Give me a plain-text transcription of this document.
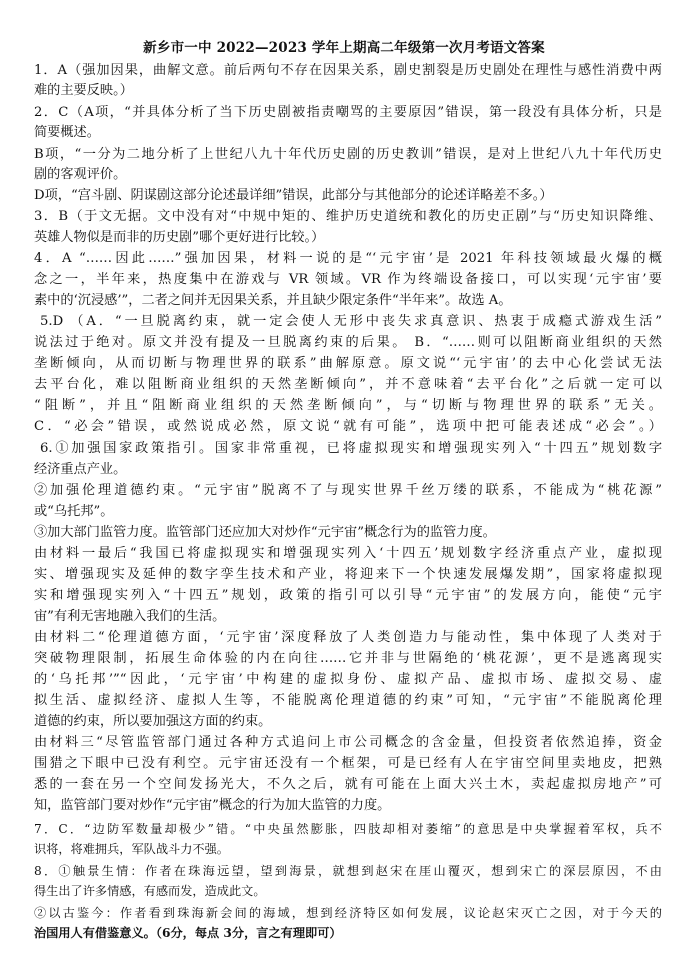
新乡市一中 2022—2023 学年上期高二年级第一次月考语文答案
1．A（强加因果，曲解文意。前后两句不存在因果关系，剧史割裂是历史剧处在理性与感性消费中两
难的主要反映。）
2．C（A项，“并具体分析了当下历史剧被指责嘲骂的主要原因”错误，第一段没有具体分析，只是
简要概述。
B项，“一分为二地分析了上世纪八九十年代历史剧的历史教训”错误，是对上世纪八九十年代历史
剧的客观评价。
D项，“宫斗剧、阴谋剧这部分论述最详细”错误，此部分与其他部分的论述详略差不多。）
3．B（于文无据。文中没有对“中规中矩的、维护历史道统和教化的历史正剧”与“历史知识降维、
英雄人物似是而非的历史剧”哪个更好进行比较。）
4．A “……因此……”强加因果，材料一说的是“‘元宇宙’是 2021 年科技领域最火爆的概
念之一，半年来，热度集中在游戏与 VR 领域。VR 作为终端设备接口，可以实现‘元宇宙’要
素中的‘沉浸感’”，二者之间并无因果关系，并且缺少限定条件“半年来”。故选 A。
5.D （A．“一旦脱离约束，就一定会使人无形中丧失求真意识、热衷于成瘾式游戏生活”
说法过于绝对。原文并没有提及一旦脱离约束的后果。 B．“……则可以阻断商业组织的天然
垄断倾向，从而切断与物理世界的联系”曲解原意。原文说“‘元宇宙’的去中心化尝试无法
去平台化，难以阻断商业组织的天然垄断倾向”，并不意味着“去平台化”之后就一定可以
“阻断”，并且“阻断商业组织的天然垄断倾向”，与“切断与物理世界的联系”无关。
C．“必会”错误，或然说成必然，原文说“就有可能”，选项中把可能表述成“必会”。）
6.①加强国家政策指引。国家非常重视，已将虚拟现实和增强现实列入“十四五”规划数字
经济重点产业。
②加强伦理道德约束。“元宇宙”脱离不了与现实世界千丝万缕的联系，不能成为“桃花源”
或“乌托邦”。
③加大部门监管力度。监管部门还应加大对炒作“元宇宙”概念行为的监管力度。
由材料一最后“我国已将虚拟现实和增强现实列入‘十四五’规划数字经济重点产业，虚拟现
实、增强现实及延伸的数字孪生技术和产业，将迎来下一个快速发展爆发期”，国家将虚拟现
实和增强现实列入“十四五”规划，政策的指引可以引导“元宇宙”的发展方向，能使“元宇
宙”有利无害地融入我们的生活。
由材料二“伦理道德方面，‘元宇宙’深度释放了人类创造力与能动性，集中体现了人类对于
突破物理限制，拓展生命体验的内在向往……它并非与世隔绝的‘桃花源’，更不是逃离现实
的‘乌托邦’”“因此，‘元宇宙’中构建的虚拟身份、虚拟产品、虚拟市场、虚拟交易、虚
拟生活、虚拟经济、虚拟人生等，不能脱离伦理道德的约束”可知，“元宇宙”不能脱离伦理
道德的约束，所以要加强这方面的约束。
由材料三“尽管监管部门通过各种方式追问上市公司概念的含金量，但投资者依然追捧，资金
围猎之下眼中已没有利空。元宇宙还没有一个框架，可是已经有人在宇宙空间里卖地皮，把熟
悉的一套在另一个空间发扬光大，不久之后，就有可能在上面大兴土木，卖起虚拟房地产”可
知，监管部门要对炒作“元宇宙”概念的行为加大监管的力度。
7．C．“边防军数量却极少”错。“中央虽然膨胀，四肢却相对萎缩”的意思是中央掌握着军权，兵不
识将，将难拥兵，军队战斗力不强。
8．①触景生情：作者在珠海远望，望到海景，就想到赵宋在厓山覆灭，想到宋亡的深层原因，不由
得生出了许多情感，有感而发，造成此文。
②以古鉴今：作者看到珠海新会间的海域，想到经济特区如何发展，议论赵宋灭亡之因，对于今天的
治国用人有借鉴意义。（6分，每点 3分，言之有理即可）
